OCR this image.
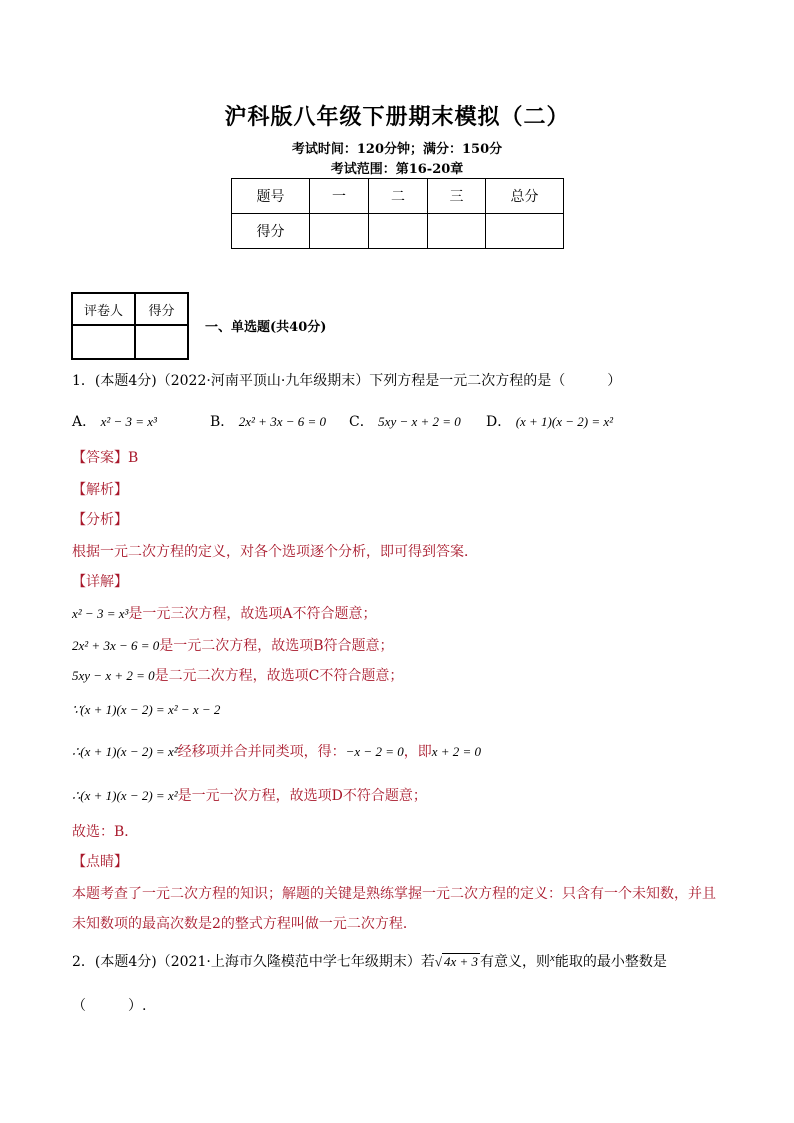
沪科版八年级下册期末模拟（二）
考试时间：120分钟；满分：150分
考试范围：第16-20章
题号	一	二	三	总分
得分				
评卷人	得分

一、单选题(共40分)
1．(本题4分)（2022·河南平顶山·九年级期末）下列方程是一元二次方程的是（　　　）
A． x² − 3 = x³	B． 2x² + 3x − 6 = 0 C． 5xy − x + 2 = 0 D． (x + 1)(x − 2) = x²
【答案】B
【解析】
【分析】
根据一元二次方程的定义，对各个选项逐个分析，即可得到答案．
【详解】
x² − 3 = x³是一元三次方程，故选项A不符合题意；
2x² + 3x − 6 = 0是一元二次方程，故选项B符合题意；
5xy − x + 2 = 0是二元二次方程，故选项C不符合题意；
∵(x + 1)(x − 2) = x² − x − 2
∴(x + 1)(x − 2) = x²经移项并合并同类项，得：−x − 2 = 0，即x + 2 = 0
∴(x + 1)(x − 2) = x²是一元一次方程，故选项D不符合题意；
故选：B．
【点睛】
本题考查了一元二次方程的知识；解题的关键是熟练掌握一元二次方程的定义：只含有一个未知数，并且
未知数项的最高次数是2的整式方程叫做一元二次方程．
2．(本题4分)（2021·上海市久隆模范中学七年级期末）若√ 4x + 3 有意义，则$^x$能取的最小整数是
（　　　）.
